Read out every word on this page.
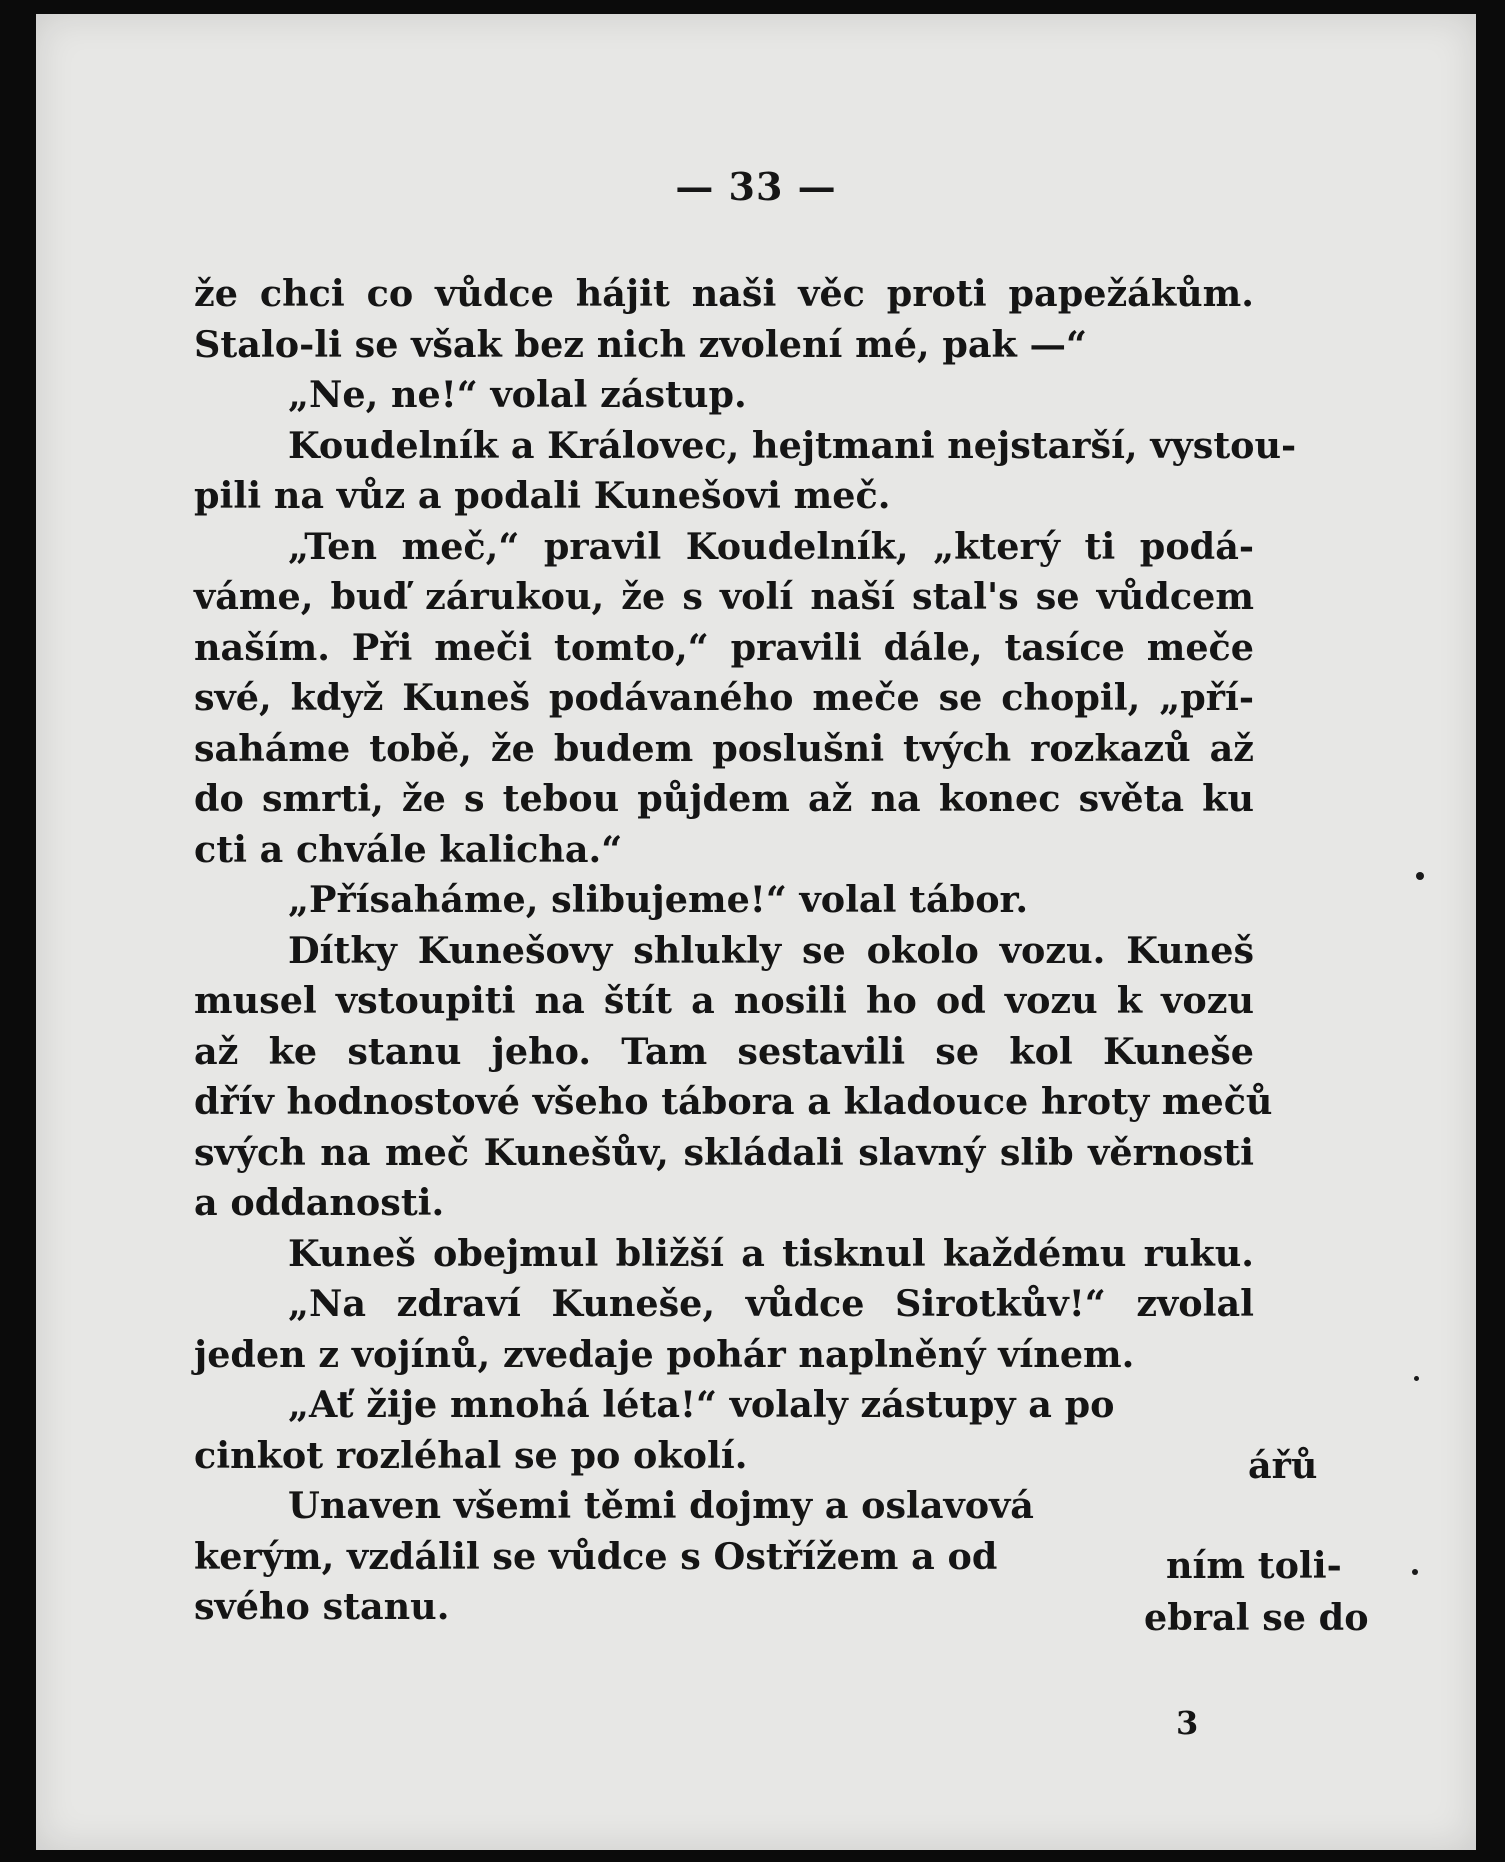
— 33 —
že chci co vůdce hájit naši věc proti papežákům.
Stalo-li se však bez nich zvolení mé, pak —“
„Ne, ne!“ volal zástup.
Koudelník a Královec, hejtmani nejstarší, vystou-
pili na vůz a podali Kunešovi meč.
„Ten meč,“ pravil Koudelník, „který ti podá-
váme, buď zárukou, že s volí naší stal's se vůdcem
naším. Při meči tomto,“ pravili dále, tasíce meče
své, když Kuneš podávaného meče se chopil, „pří-
saháme tobě, že budem poslušni tvých rozkazů až
do smrti, že s tebou půjdem až na konec světa ku
cti a chvále kalicha.“
„Přísaháme, slibujeme!“ volal tábor.
Dítky Kunešovy shlukly se okolo vozu. Kuneš
musel vstoupiti na štít a nosili ho od vozu k vozu
až ke stanu jeho. Tam sestavili se kol Kuneše
dřív hodnostové všeho tábora a kladouce hroty mečů
svých na meč Kunešův, skládali slavný slib věrnosti
a oddanosti.
Kuneš obejmul bližší a tisknul každému ruku.
„Na zdraví Kuneše, vůdce Sirotkův!“ zvolal
jeden z vojínů, zvedaje pohár naplněný vínem.
„Ať žije mnohá léta!“ volaly zástupy a po
cinkot rozléhal se po okolí.
Unaven všemi těmi dojmy a oslavová
kerým, vzdálil se vůdce s Ostřížem a od
svého stanu.
ářů
ním toli-
ebral se do
3
